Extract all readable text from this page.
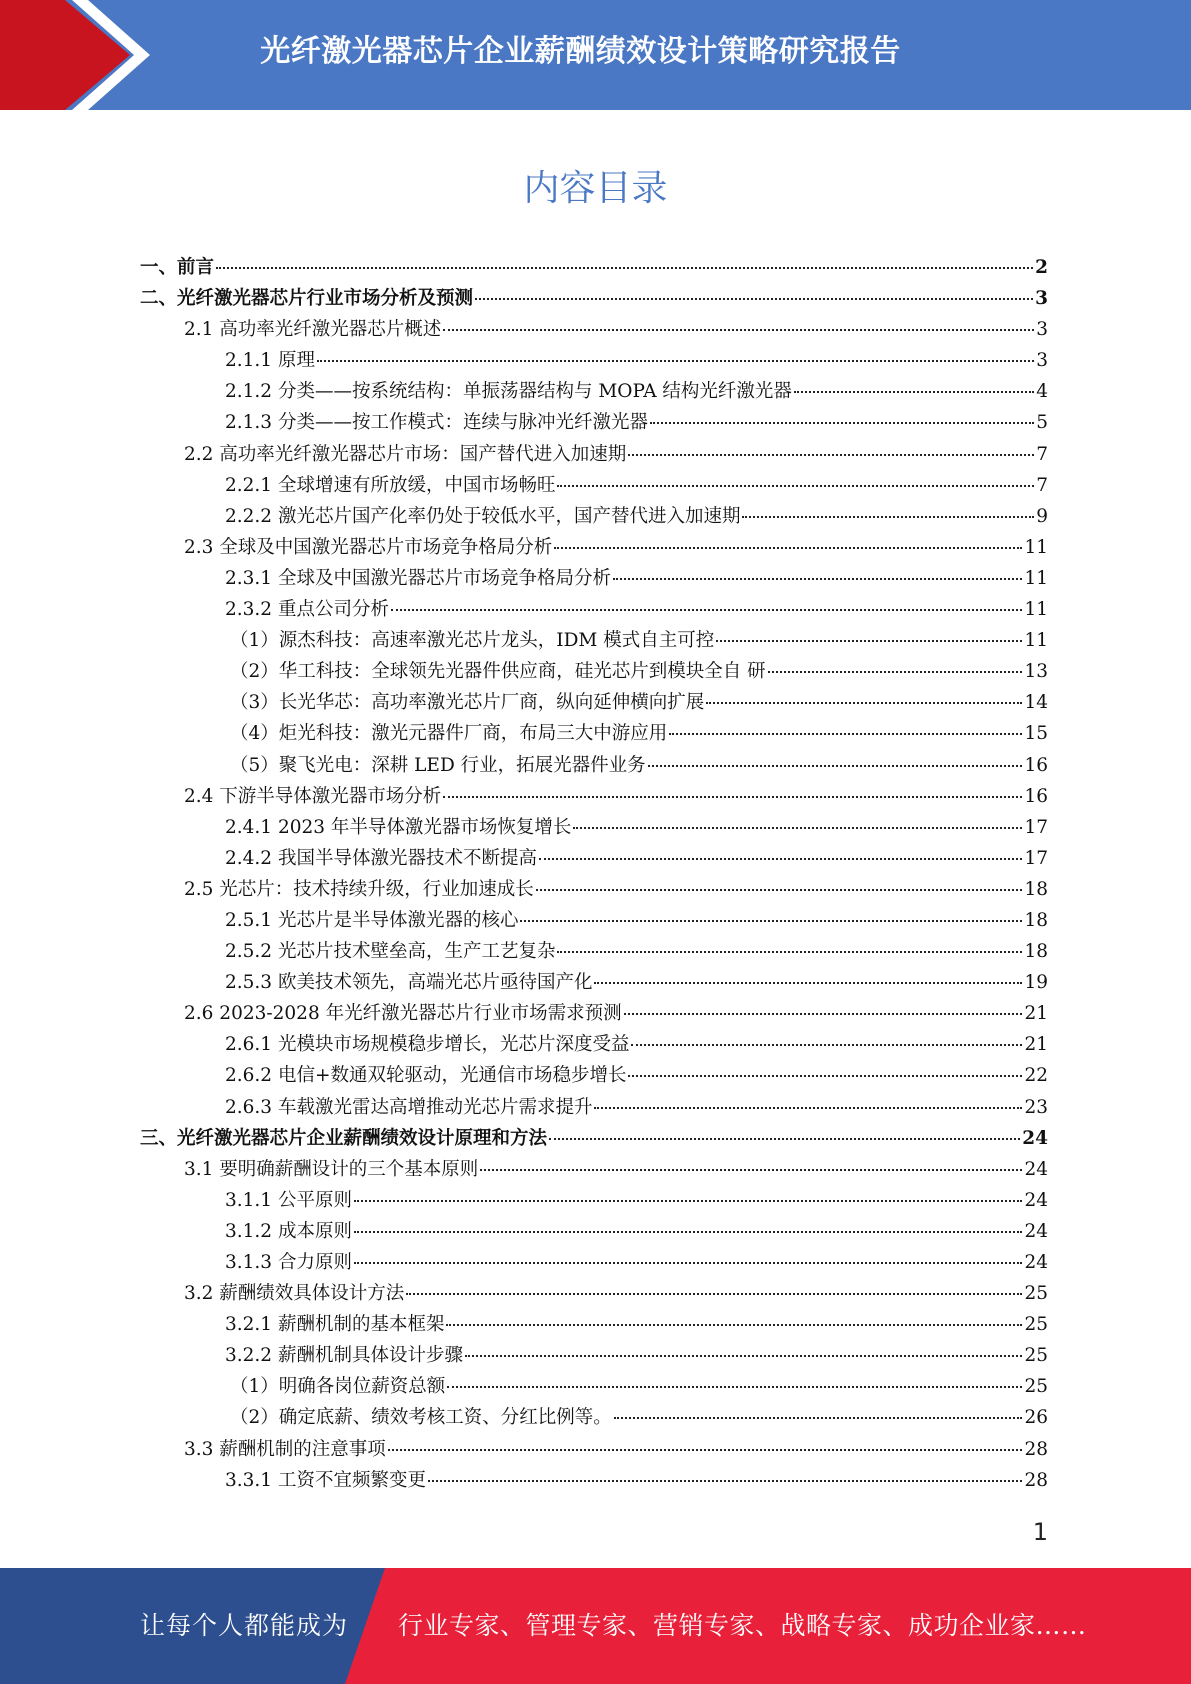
光纤激光器芯片企业薪酬绩效设计策略研究报告
内容目录
一、前言	2
二、光纤激光器芯片行业市场分析及预测	3
2.1 高功率光纤激光器芯片概述	3
2.1.1 原理	3
2.1.2 分类——按系统结构：单振荡器结构与 MOPA 结构光纤激光器	4
2.1.3 分类——按工作模式：连续与脉冲光纤激光器	5
2.2 高功率光纤激光器芯片市场：国产替代进入加速期	7
2.2.1 全球增速有所放缓，中国市场畅旺	7
2.2.2 激光芯片国产化率仍处于较低水平，国产替代进入加速期	9
2.3 全球及中国激光器芯片市场竞争格局分析	11
2.3.1 全球及中国激光器芯片市场竞争格局分析	11
2.3.2 重点公司分析	11
（1）源杰科技：高速率激光芯片龙头，IDM 模式自主可控	11
（2）华工科技：全球领先光器件供应商，硅光芯片到模块全自 研	13
（3）长光华芯：高功率激光芯片厂商，纵向延伸横向扩展	14
（4）炬光科技：激光元器件厂商，布局三大中游应用	15
（5）聚飞光电：深耕 LED 行业，拓展光器件业务	16
2.4 下游半导体激光器市场分析	16
2.4.1 2023 年半导体激光器市场恢复增长	17
2.4.2 我国半导体激光器技术不断提高	17
2.5 光芯片：技术持续升级，行业加速成长	18
2.5.1 光芯片是半导体激光器的核心	18
2.5.2 光芯片技术壁垒高，生产工艺复杂	18
2.5.3 欧美技术领先，高端光芯片亟待国产化	19
2.6 2023-2028 年光纤激光器芯片行业市场需求预测	21
2.6.1 光模块市场规模稳步增长，光芯片深度受益	21
2.6.2 电信+数通双轮驱动，光通信市场稳步增长	22
2.6.3 车载激光雷达高增推动光芯片需求提升	23
三、光纤激光器芯片企业薪酬绩效设计原理和方法	24
3.1 要明确薪酬设计的三个基本原则	24
3.1.1 公平原则	24
3.1.2 成本原则	24
3.1.3 合力原则	24
3.2 薪酬绩效具体设计方法	25
3.2.1 薪酬机制的基本框架	25
3.2.2 薪酬机制具体设计步骤	25
（1）明确各岗位薪资总额	25
（2）确定底薪、绩效考核工资、分红比例等。	26
3.3 薪酬机制的注意事项	28
3.3.1 工资不宜频繁变更	28
1
让每个人都能成为 行业专家、管理专家、营销专家、战略专家、成功企业家……
